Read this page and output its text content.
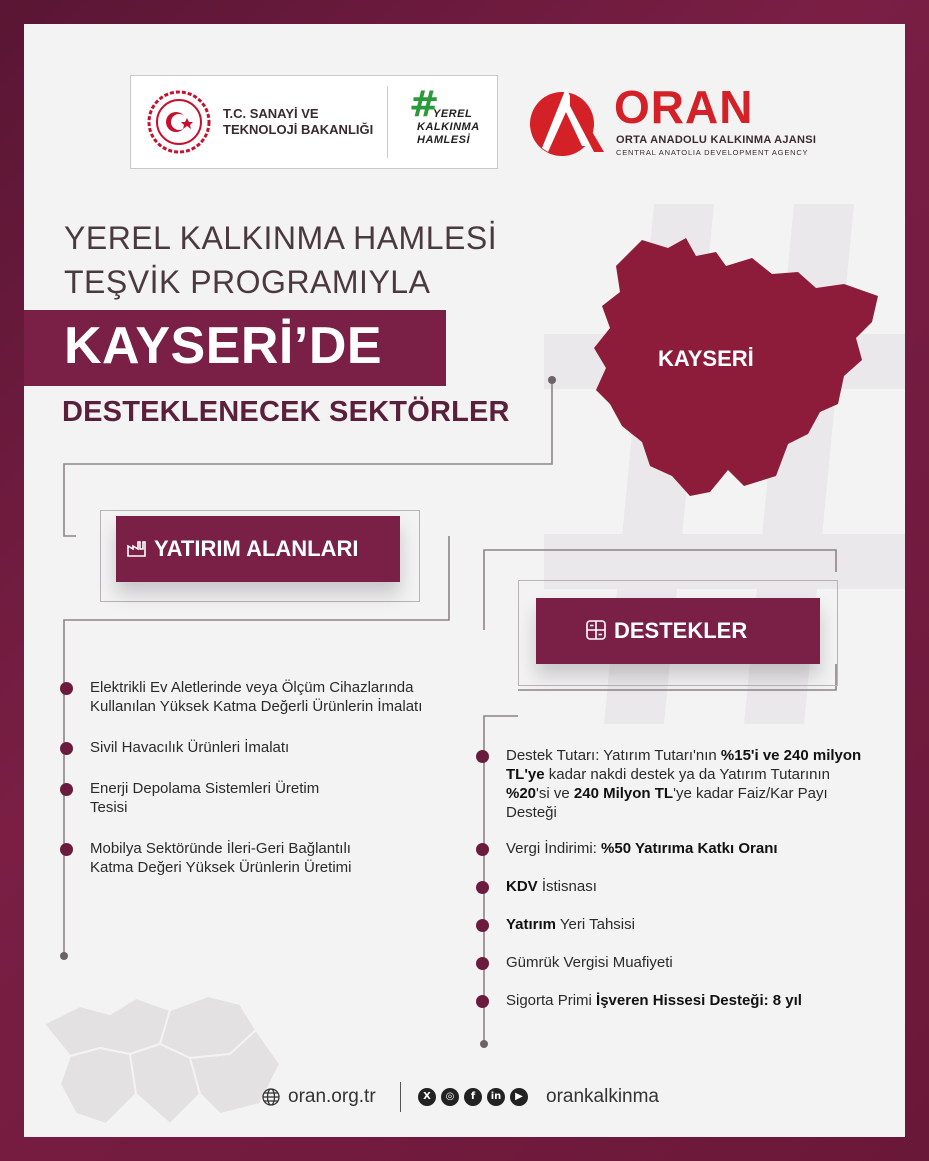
T.C. SANAYİ VE
TEKNOLOJİ BAKANLIĞI
#
YEREL
KALKINMA
HAMLESİ
ORAN
ORTA ANADOLU KALKINMA AJANSI
CENTRAL ANATOLIA DEVELOPMENT AGENCY
YEREL KALKINMA HAMLESİ
TEŞVİK PROGRAMIYLA
KAYSERİ’DE
DESTEKLENECEK SEKTÖRLER
KAYSERİ
YATIRIM ALANLARI
DESTEKLER
Elektrikli Ev Aletlerinde veya Ölçüm Cihazlarında Kullanılan Yüksek Katma Değerli Ürünlerin İmalatı
Sivil Havacılık Ürünleri İmalatı
Enerji Depolama Sistemleri Üretim Tesisi
Mobilya Sektöründe İleri-Geri Bağlantılı Katma Değeri Yüksek Ürünlerin Üretimi
Destek Tutarı: Yatırım Tutarı'nın %15'i ve 240 milyon TL'ye kadar nakdi destek ya da Yatırım Tutarının %20'si ve 240 Milyon TL'ye kadar Faiz/Kar Payı Desteği
Vergi İndirimi: %50 Yatırıma Katkı Oranı
KDV İstisnası
Yatırım Yeri Tahsisi
Gümrük Vergisi Muafiyeti
Sigorta Primi İşveren Hissesi Desteği: 8 yıl
oran.org.tr	X	◎	f	in	▶ orankalkinma
